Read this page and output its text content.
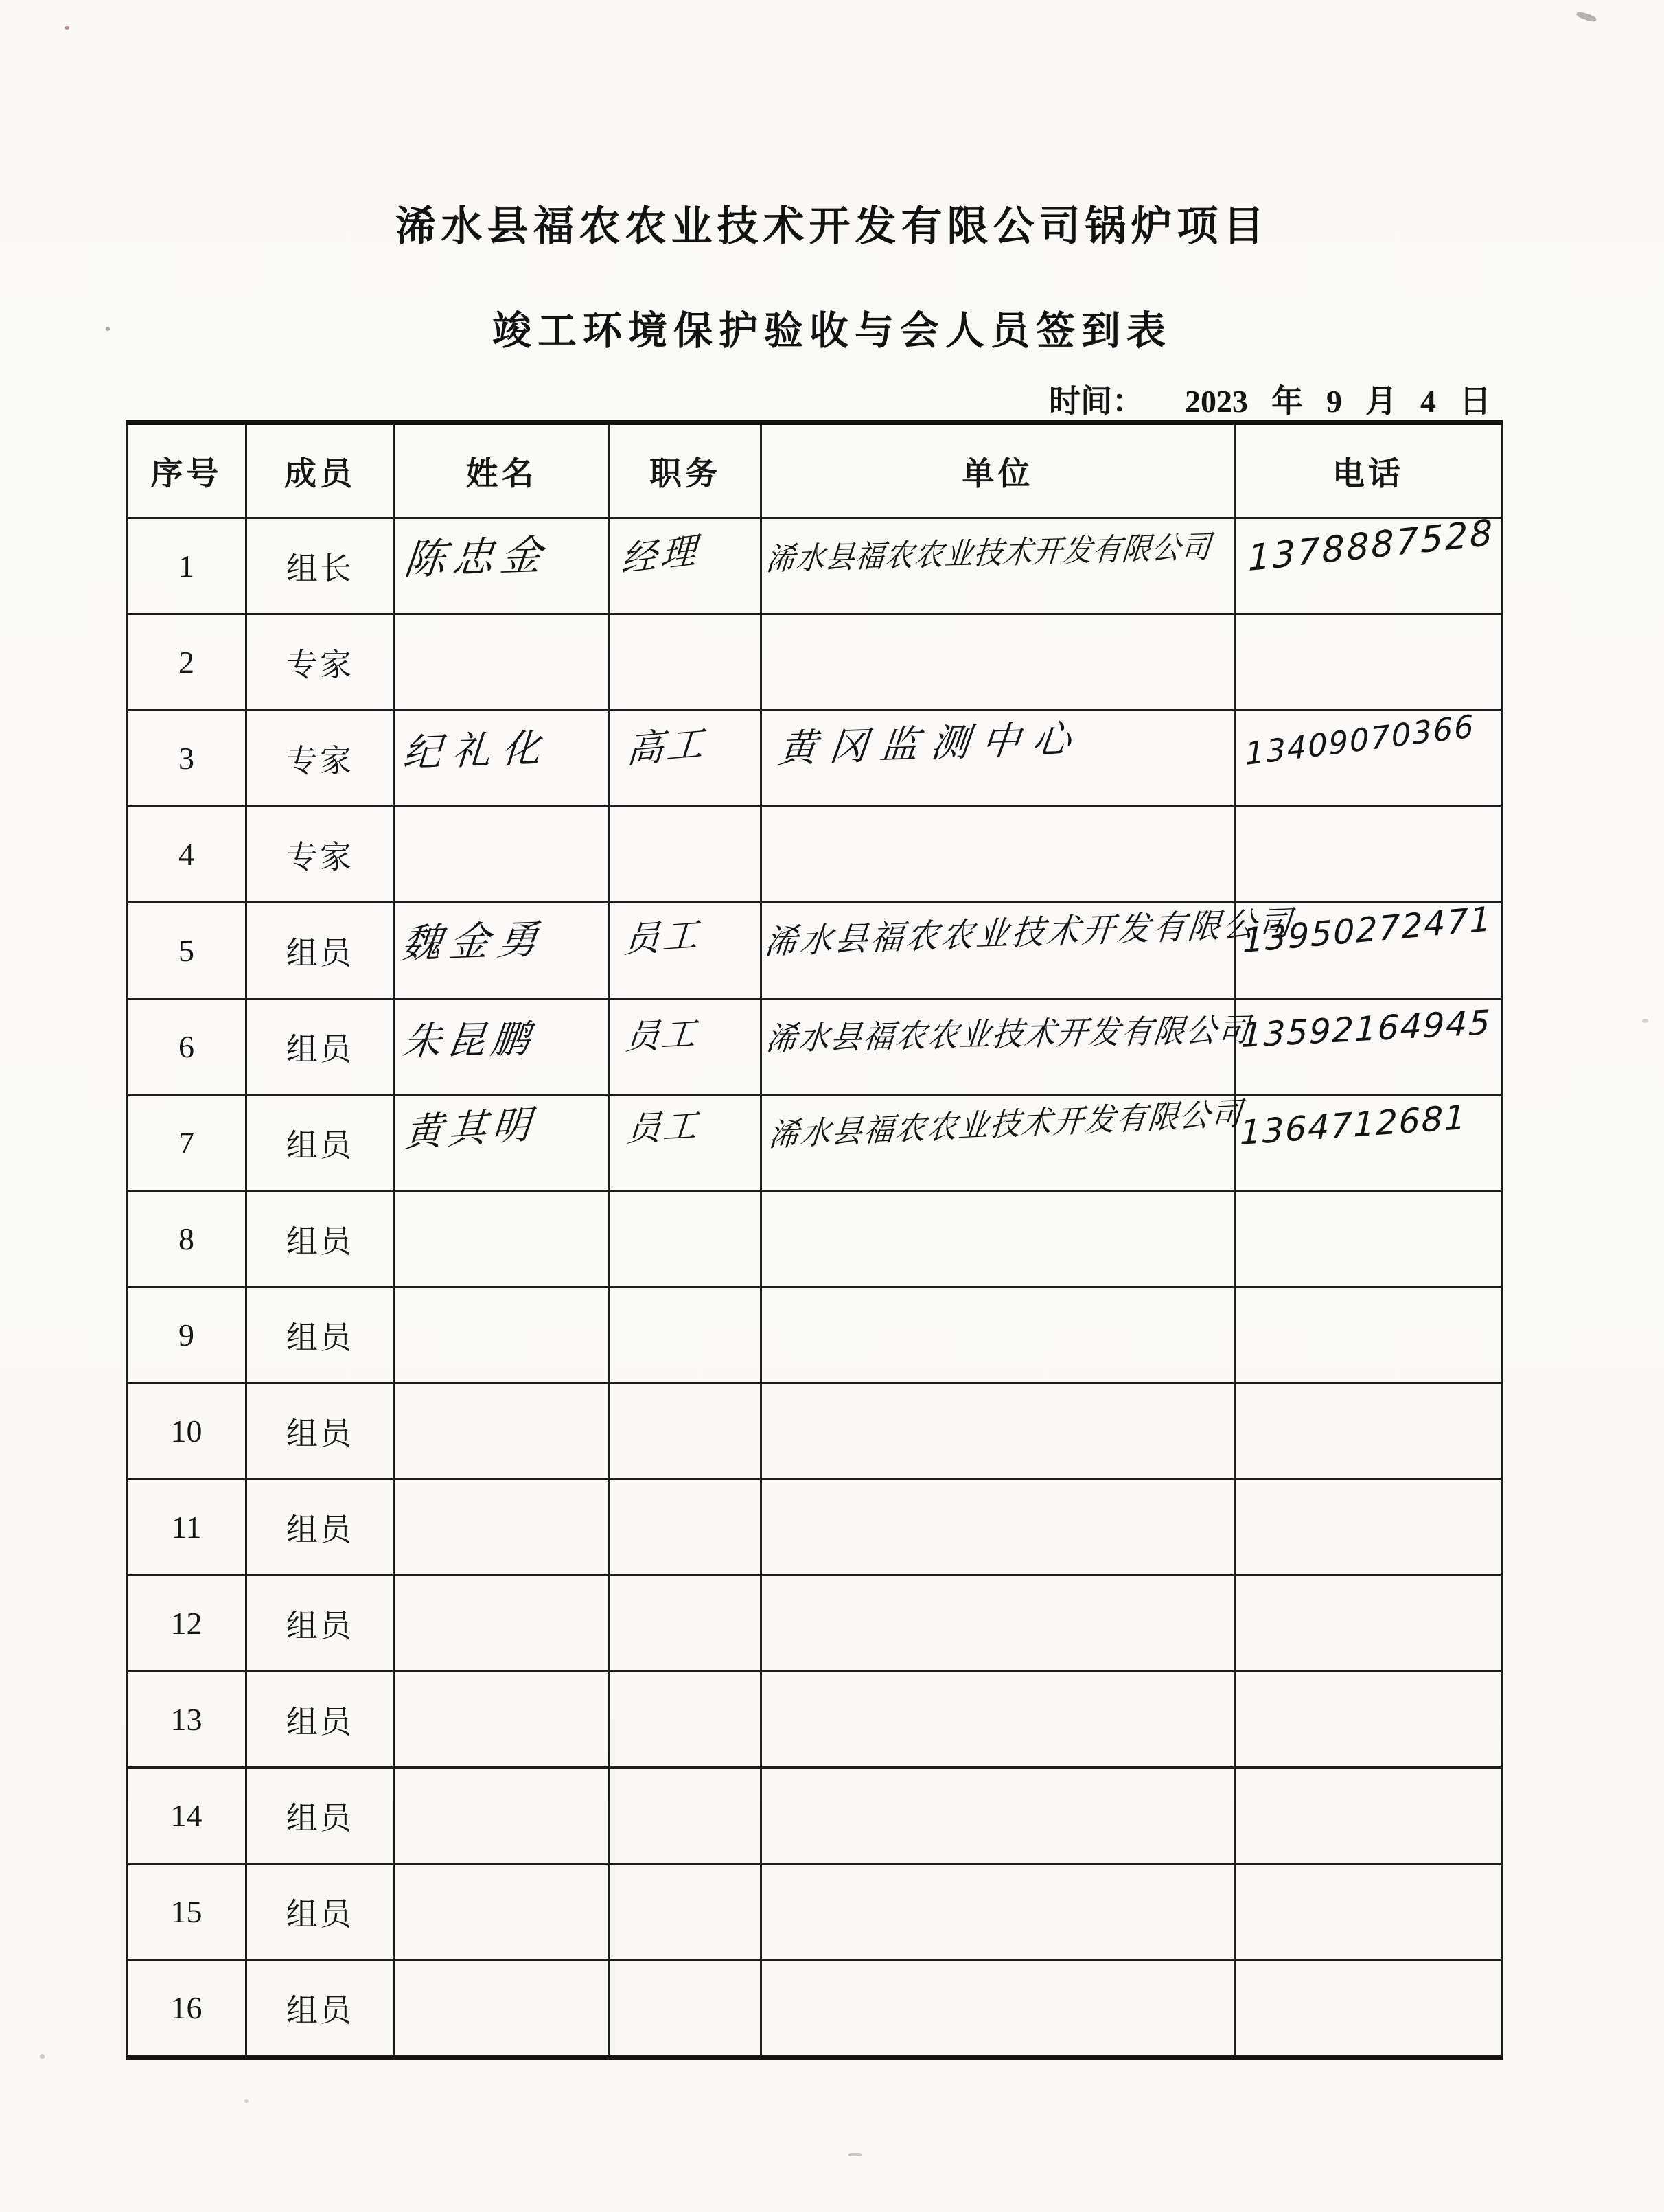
浠水县福农农业技术开发有限公司锅炉项目
竣工环境保护验收与会人员签到表
时间： 2023 年 9 月 4 日
序号	成员	姓名	职务	单位	电话
1	组长	陈忠金	经理	浠水县福农农业技术开发有限公司	1378887528

2	专家				
3	专家	纪礼化	高工	黄冈监测中心	13409070366

4	专家				
5	组员	魏金勇	员工	浠水县福农农业技术开发有限公司	13950272471

6	组员	朱昆鹏	员工	浠水县福农农业技术开发有限公司	13592164945

7	组员	黄其明	员工	浠水县福农农业技术开发有限公司	1364712681

8	组员				
9	组员				
10	组员				
11	组员				
12	组员				
13	组员				
14	组员				
15	组员				
16	组员				
